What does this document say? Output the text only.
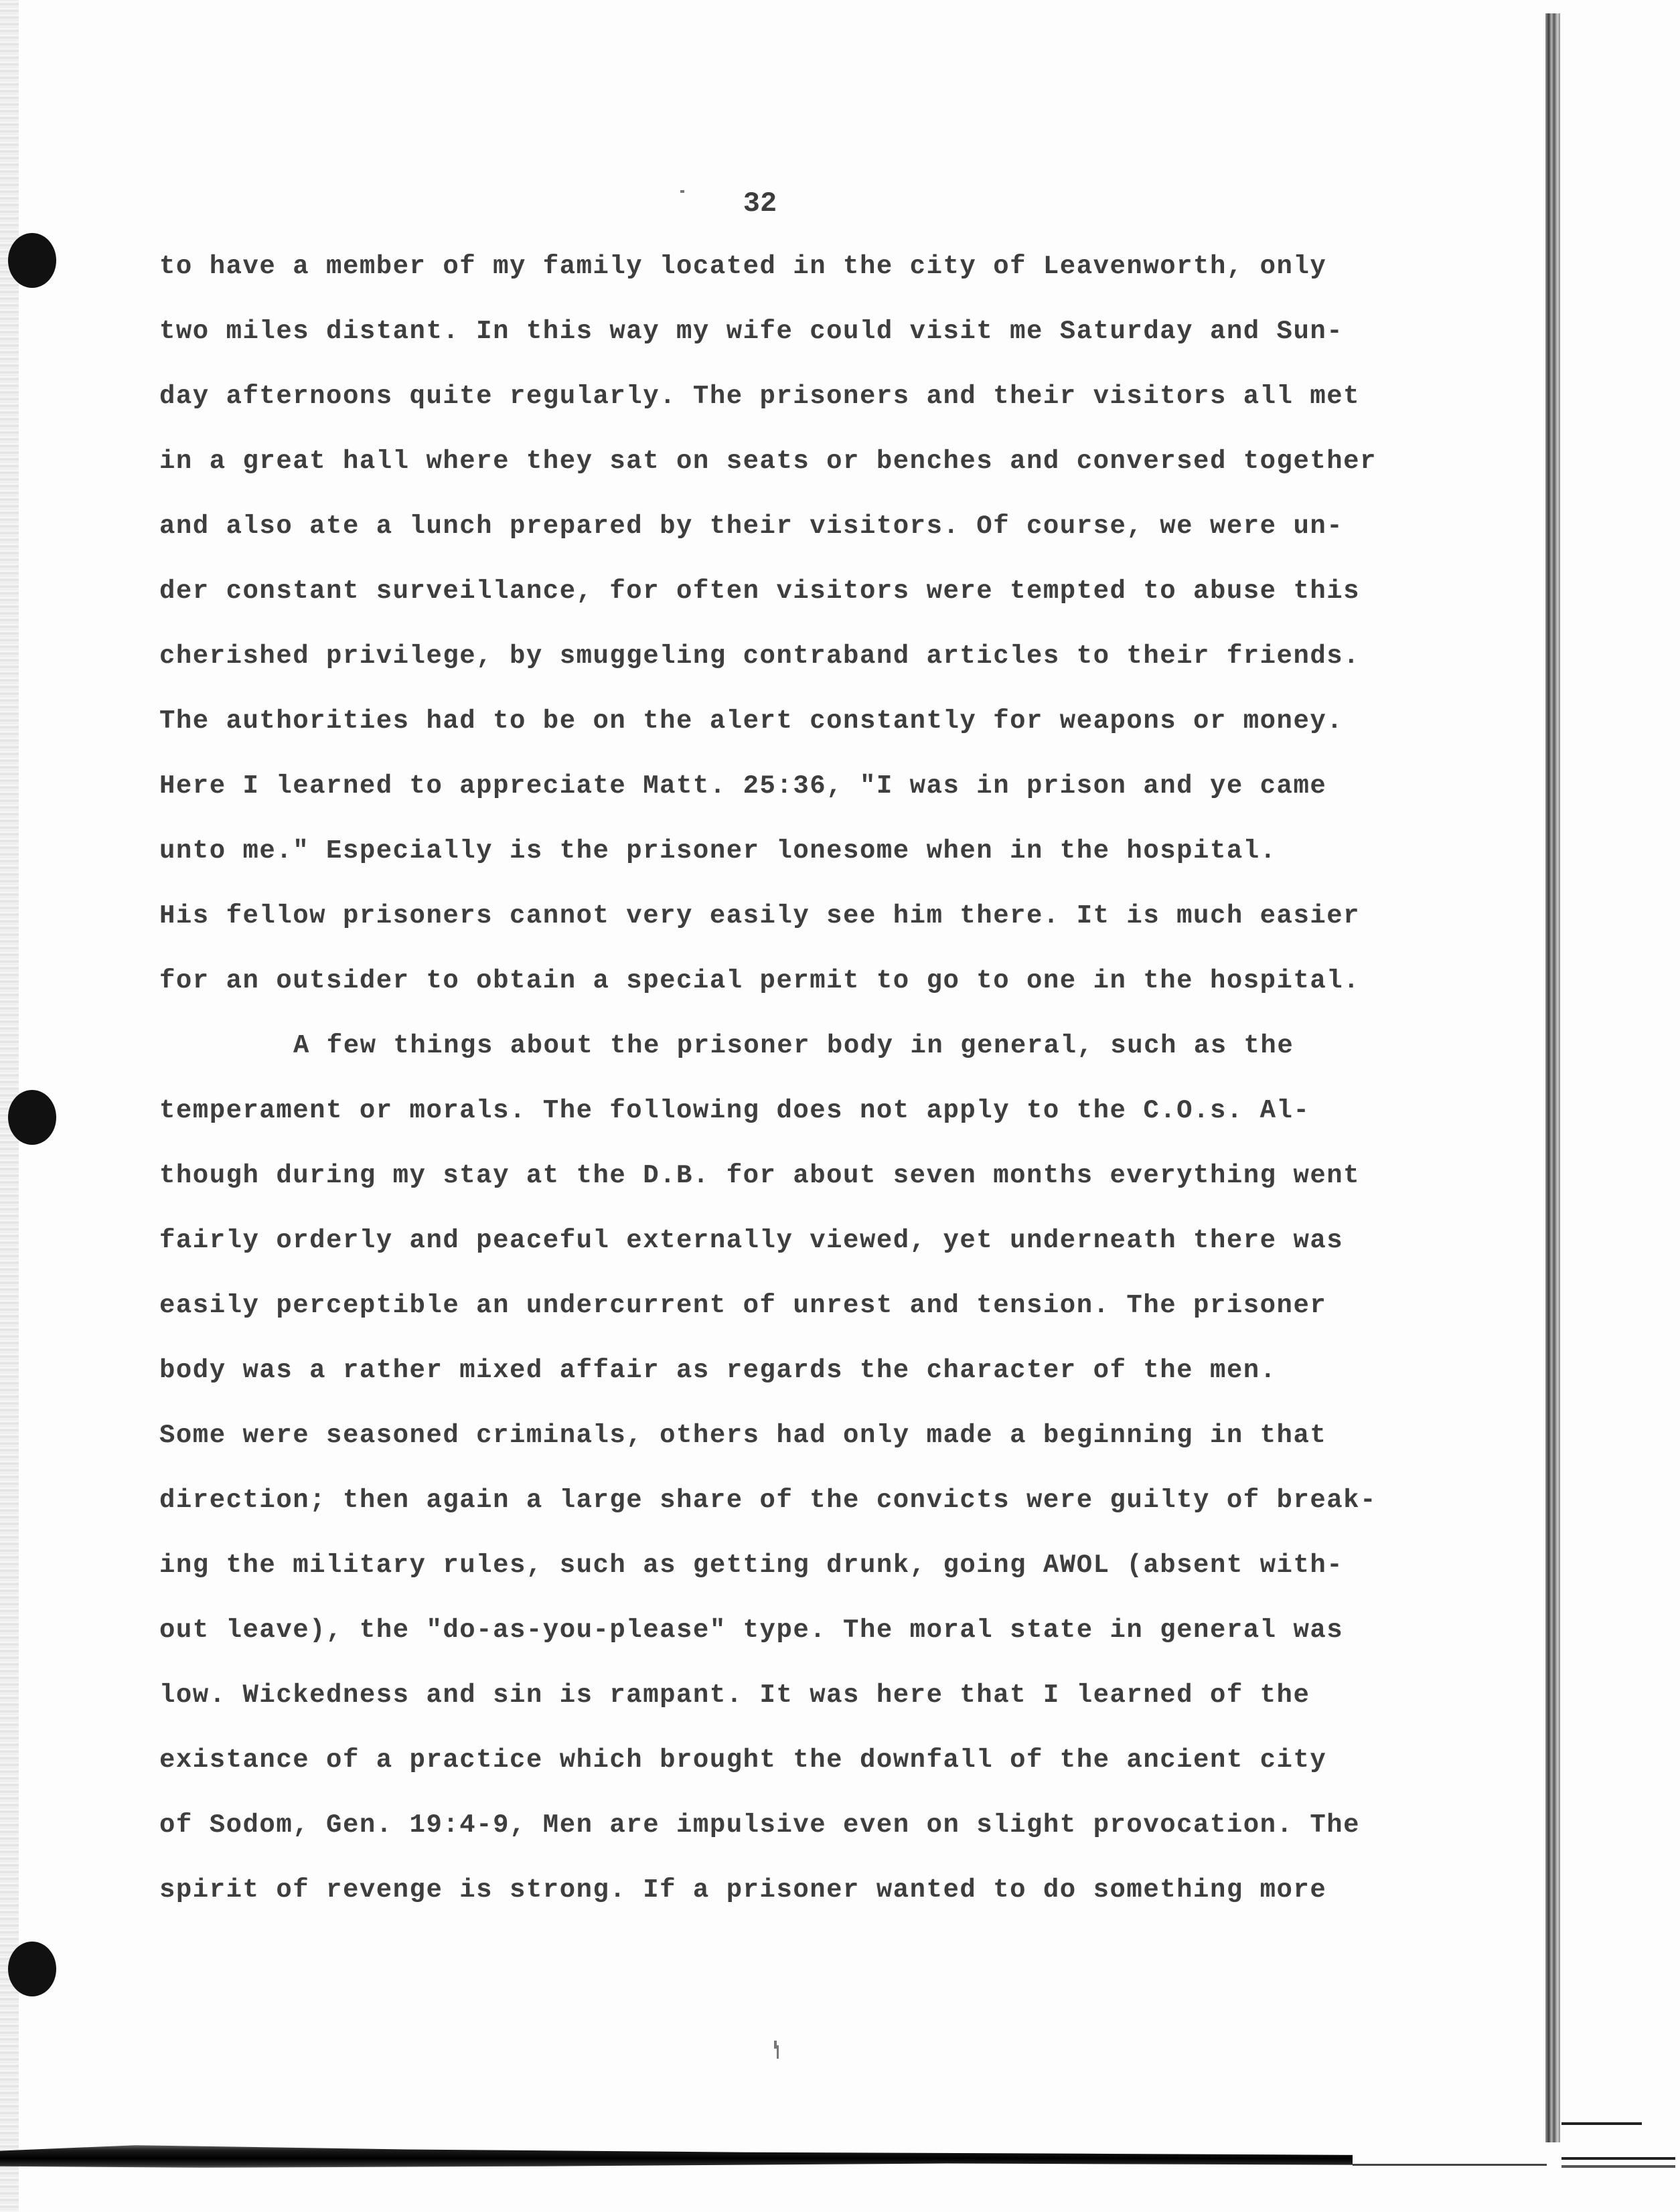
32
to have a member of my family located in the city of Leavenworth, only
two miles distant. In this way my wife could visit me Saturday and Sun-
day afternoons quite regularly. The prisoners and their visitors all met
in a great hall where they sat on seats or benches and conversed together
and also ate a lunch prepared by their visitors. Of course, we were un-
der constant surveillance, for often visitors were tempted to abuse this
cherished privilege, by smuggeling contraband articles to their friends.
The authorities had to be on the alert constantly for weapons or money.
Here I learned to appreciate Matt. 25:36, "I was in prison and ye came
unto me." Especially is the prisoner lonesome when in the hospital.
His fellow prisoners cannot very easily see him there. It is much easier
for an outsider to obtain a special permit to go to one in the hospital.
A few things about the prisoner body in general, such as the
temperament or morals. The following does not apply to the C.O.s. Al-
though during my stay at the D.B. for about seven months everything went
fairly orderly and peaceful externally viewed, yet underneath there was
easily perceptible an undercurrent of unrest and tension. The prisoner
body was a rather mixed affair as regards the character of the men.
Some were seasoned criminals, others had only made a beginning in that
direction; then again a large share of the convicts were guilty of break-
ing the military rules, such as getting drunk, going AWOL (absent with-
out leave), the "do-as-you-please" type. The moral state in general was
low. Wickedness and sin is rampant. It was here that I learned of the
existance of a practice which brought the downfall of the ancient city
of Sodom, Gen. 19:4-9, Men are impulsive even on slight provocation. The
spirit of revenge is strong. If a prisoner wanted to do something more
